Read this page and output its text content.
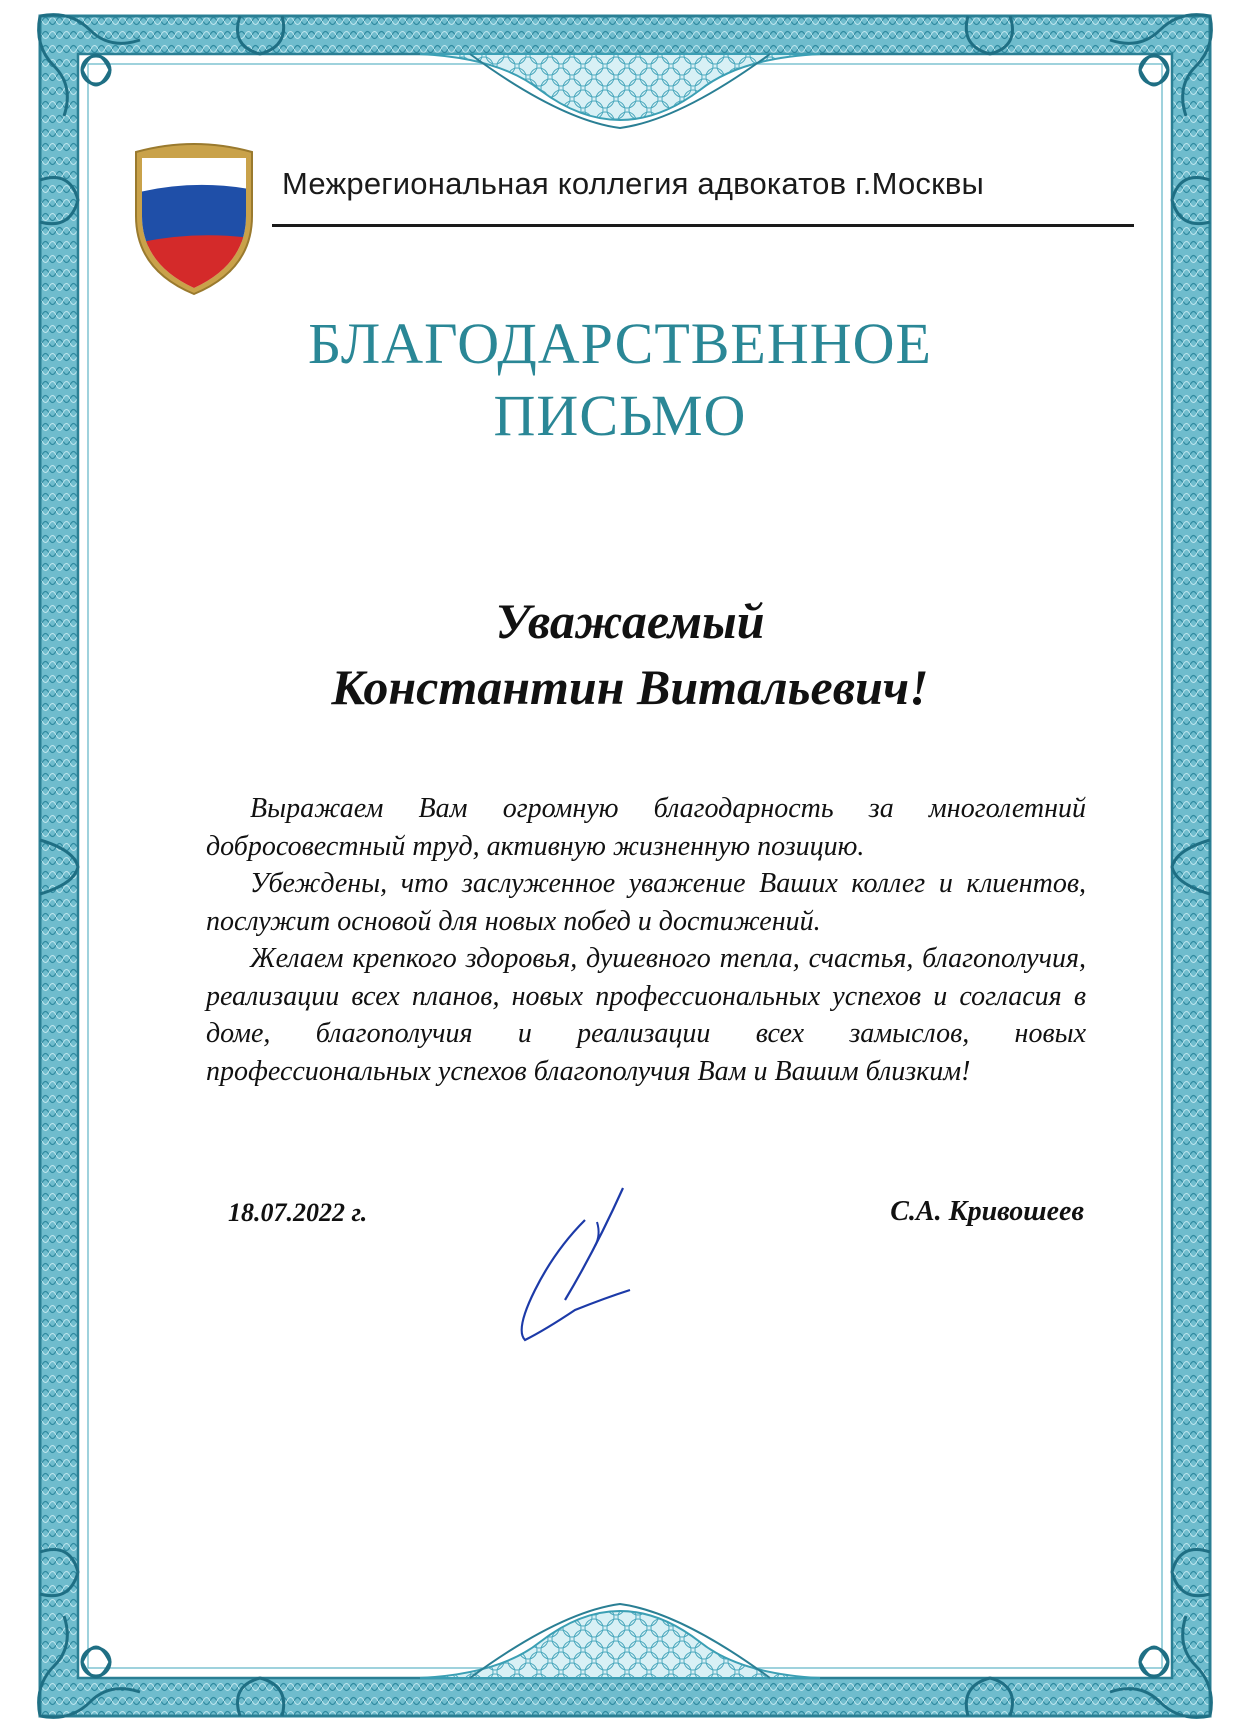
Межрегиональная коллегия адвокатов г.Москвы
БЛАГОДАРСТВЕННОЕ
ПИСЬМО
Уважаемый
Константин Витальевич!

Выражаем Вам огромную благодарность за многолетний добросовестный труд, активную жизненную позицию.

Убеждены, что заслуженное уважение Ваших коллег и клиентов, послужит основой для новых побед и достижений.

Желаем крепкого здоровья, душевного тепла, счастья, благополучия, реализации всех планов, новых профессиональных успехов и согласия в доме, благополучия и реализации всех замыслов, новых профессиональных успехов благополучия Вам и Вашим близким!

18.07.2022 г.	С.А. Кривошеев
